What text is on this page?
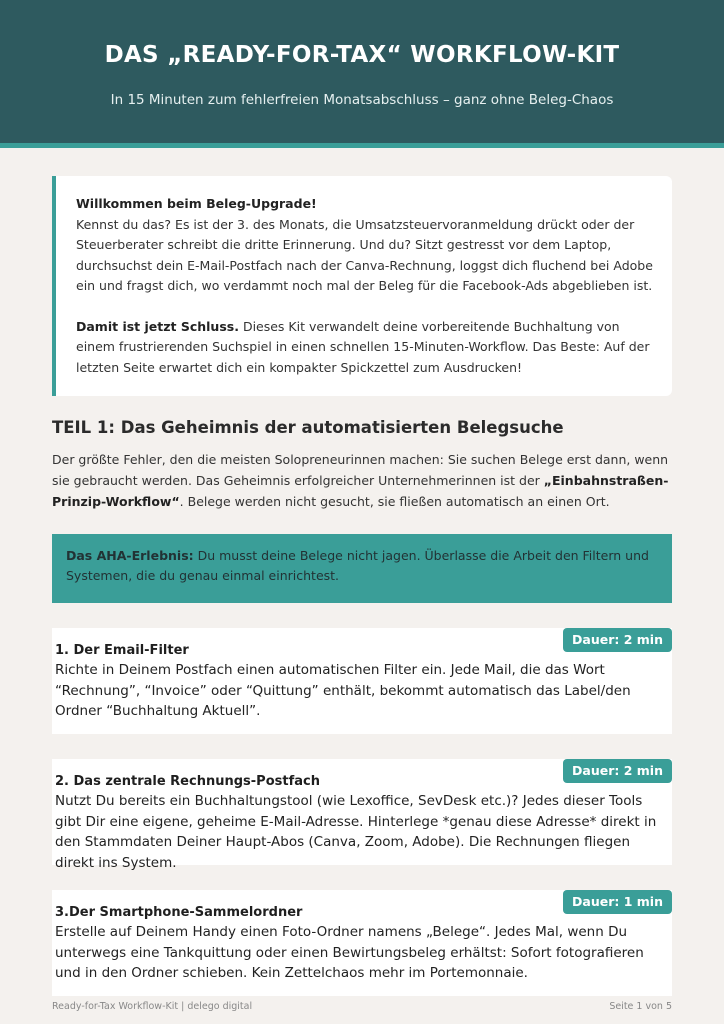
DAS „READY-FOR-TAX“ WORKFLOW-KIT
In 15 Minuten zum fehlerfreien Monatsabschluss – ganz ohne Beleg-Chaos

Willkommen beim Beleg-Upgrade!

Kennst du das? Es ist der 3. des Monats, die Umsatzsteuervoranmeldung drückt oder der Steuerberater schreibt die dritte Erinnerung. Und du? Sitzt gestresst vor dem Laptop, durchsuchst dein E-Mail-Postfach nach der Canva-Rechnung, loggst dich fluchend bei Adobe ein und fragst dich, wo verdammt noch mal der Beleg für die Facebook-Ads abgeblieben ist.

Damit ist jetzt Schluss. Dieses Kit verwandelt deine vorbereitende Buchhaltung von einem frustrierenden Suchspiel in einen schnellen 15-Minuten-Workflow. Das Beste: Auf der letzten Seite erwartet dich ein kompakter Spickzettel zum Ausdrucken!

TEIL 1: Das Geheimnis der automatisierten Belegsuche
Der größte Fehler, den die meisten Solopreneurinnen machen: Sie suchen Belege erst dann, wenn sie gebraucht werden. Das Geheimnis erfolgreicher Unternehmerinnen ist der „Einbahnstraßen-Prinzip-Workflow“. Belege werden nicht gesucht, sie fließen automatisch an einen Ort.
Das AHA-Erlebnis: Du musst deine Belege nicht jagen. Überlasse die Arbeit den Filtern und Systemen, die du genau einmal einrichtest.
Dauer: 2 min
1. Der Email-Filter

Richte in Deinem Postfach einen automatischen Filter ein. Jede Mail, die das Wort “Rechnung”, “Invoice” oder “Quittung” enthält, bekommt automatisch das Label/den Ordner “Buchhaltung Aktuell”.

Dauer: 2 min
2. Das zentrale Rechnungs-Postfach

Nutzt Du bereits ein Buchhaltungstool (wie Lexoffice, SevDesk etc.)? Jedes dieser Tools gibt Dir eine eigene, geheime E-Mail-Adresse. Hinterlege *genau diese Adresse* direkt in den Stammdaten Deiner Haupt-Abos (Canva, Zoom, Adobe). Die Rechnungen fliegen direkt ins System.

Dauer: 1 min
3.Der Smartphone-Sammelordner

Erstelle auf Deinem Handy einen Foto-Ordner namens „Belege“. Jedes Mal, wenn Du unterwegs eine Tankquittung oder einen Bewirtungsbeleg erhältst: Sofort fotografieren und in den Ordner schieben. Kein Zettelchaos mehr im Portemonnaie.

Ready-for-Tax Workflow-Kit | delego digital	Seite 1 von 5
